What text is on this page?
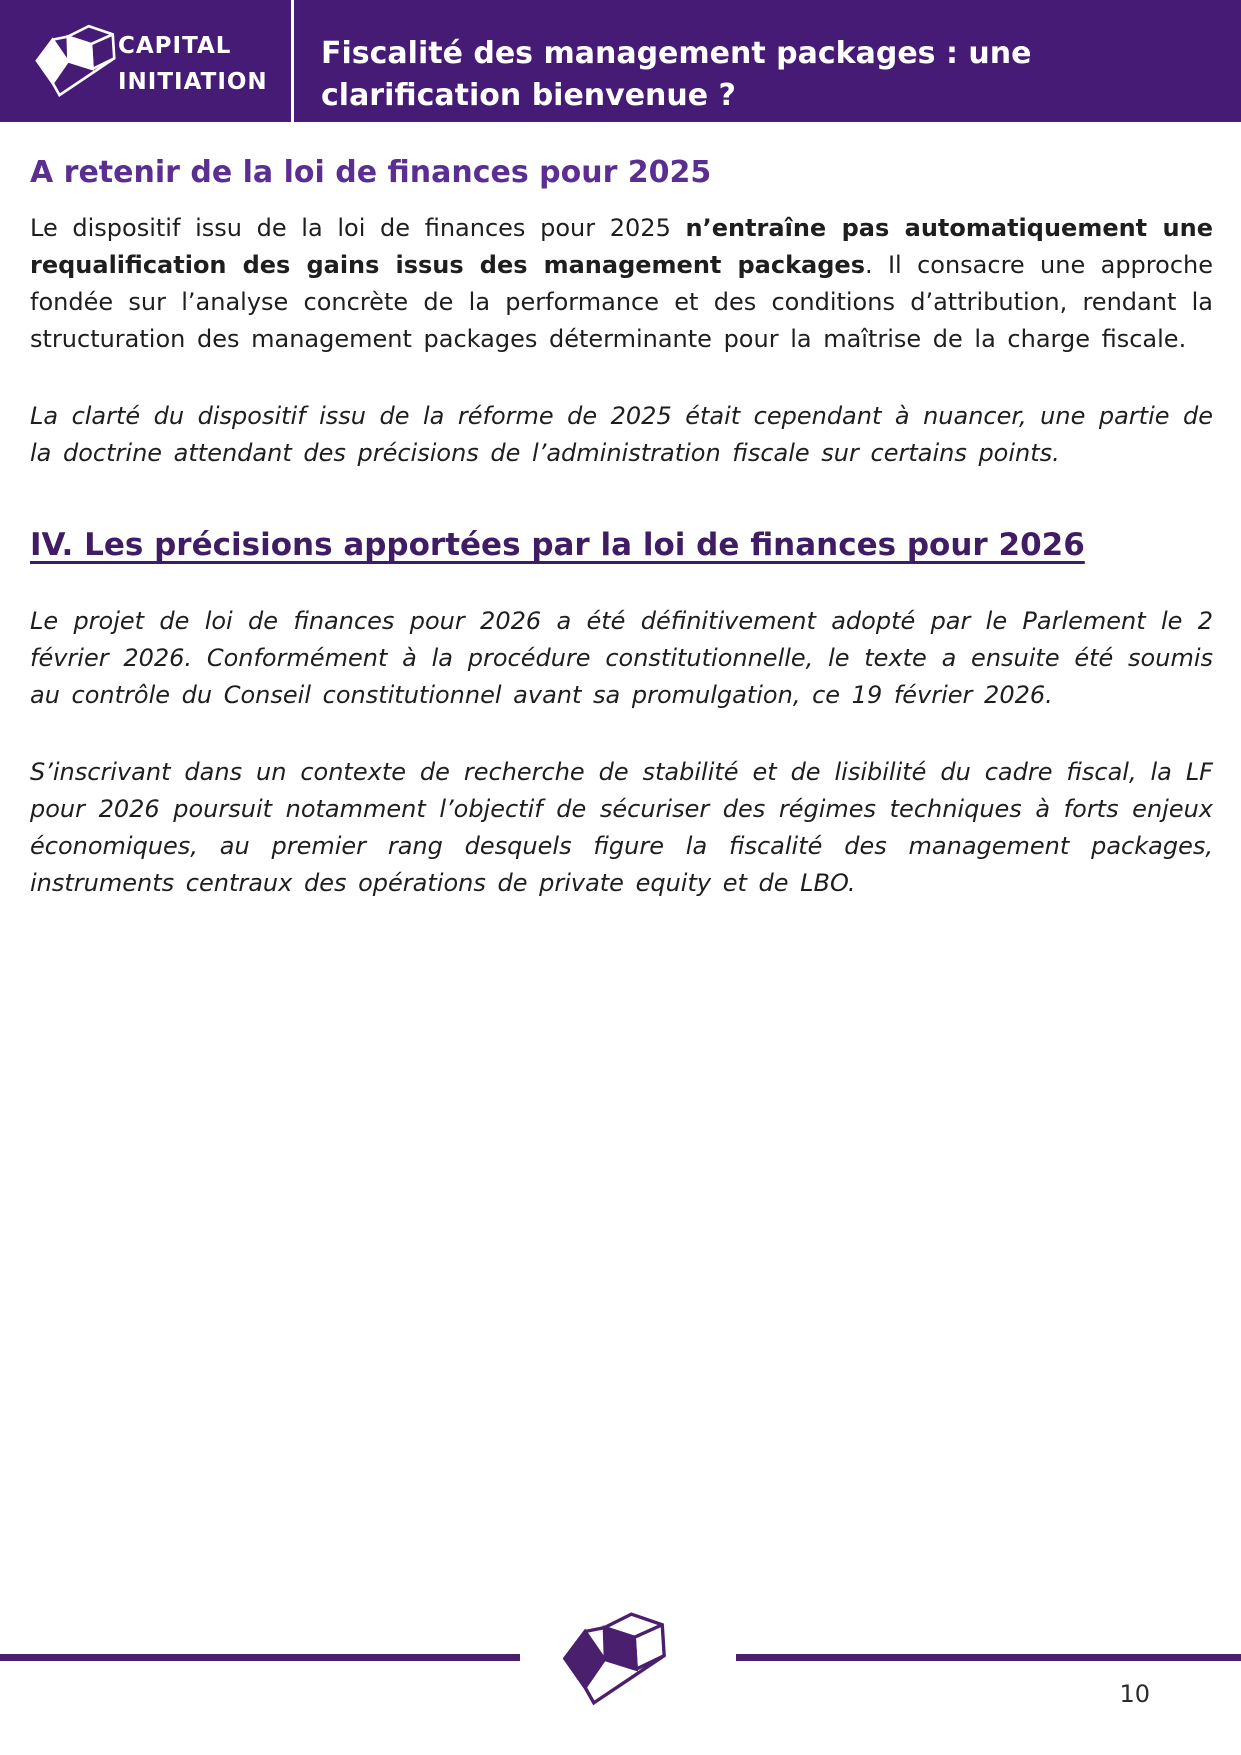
CAPITAL
INITIATION
Fiscalité des management packages : une clarification bienvenue ?
A retenir de la loi de finances pour 2025

Le dispositif issu de la loi de finances pour 2025 n’entraîne pas automatiquement une requalification des gains issus des management packages. Il consacre une approche fondée sur l’analyse concrète de la performance et des conditions d’attribution, rendant la structuration des management packages déterminante pour la maîtrise de la charge fiscale.

La clarté du dispositif issu de la réforme de 2025 était cependant à nuancer, une partie de la doctrine attendant des précisions de l’administration fiscale sur certains points.

IV. Les précisions apportées par la loi de finances pour 2026

Le projet de loi de finances pour 2026 a été définitivement adopté par le Parlement le 2 février 2026. Conformément à la procédure constitutionnelle, le texte a ensuite été soumis au contrôle du Conseil constitutionnel avant sa promulgation, ce 19 février 2026.

S’inscrivant dans un contexte de recherche de stabilité et de lisibilité du cadre fiscal, la LF pour 2026 poursuit notamment l’objectif de sécuriser des régimes techniques à forts enjeux économiques, au premier rang desquels figure la fiscalité des management packages, instruments centraux des opérations de private equity et de LBO.

10
